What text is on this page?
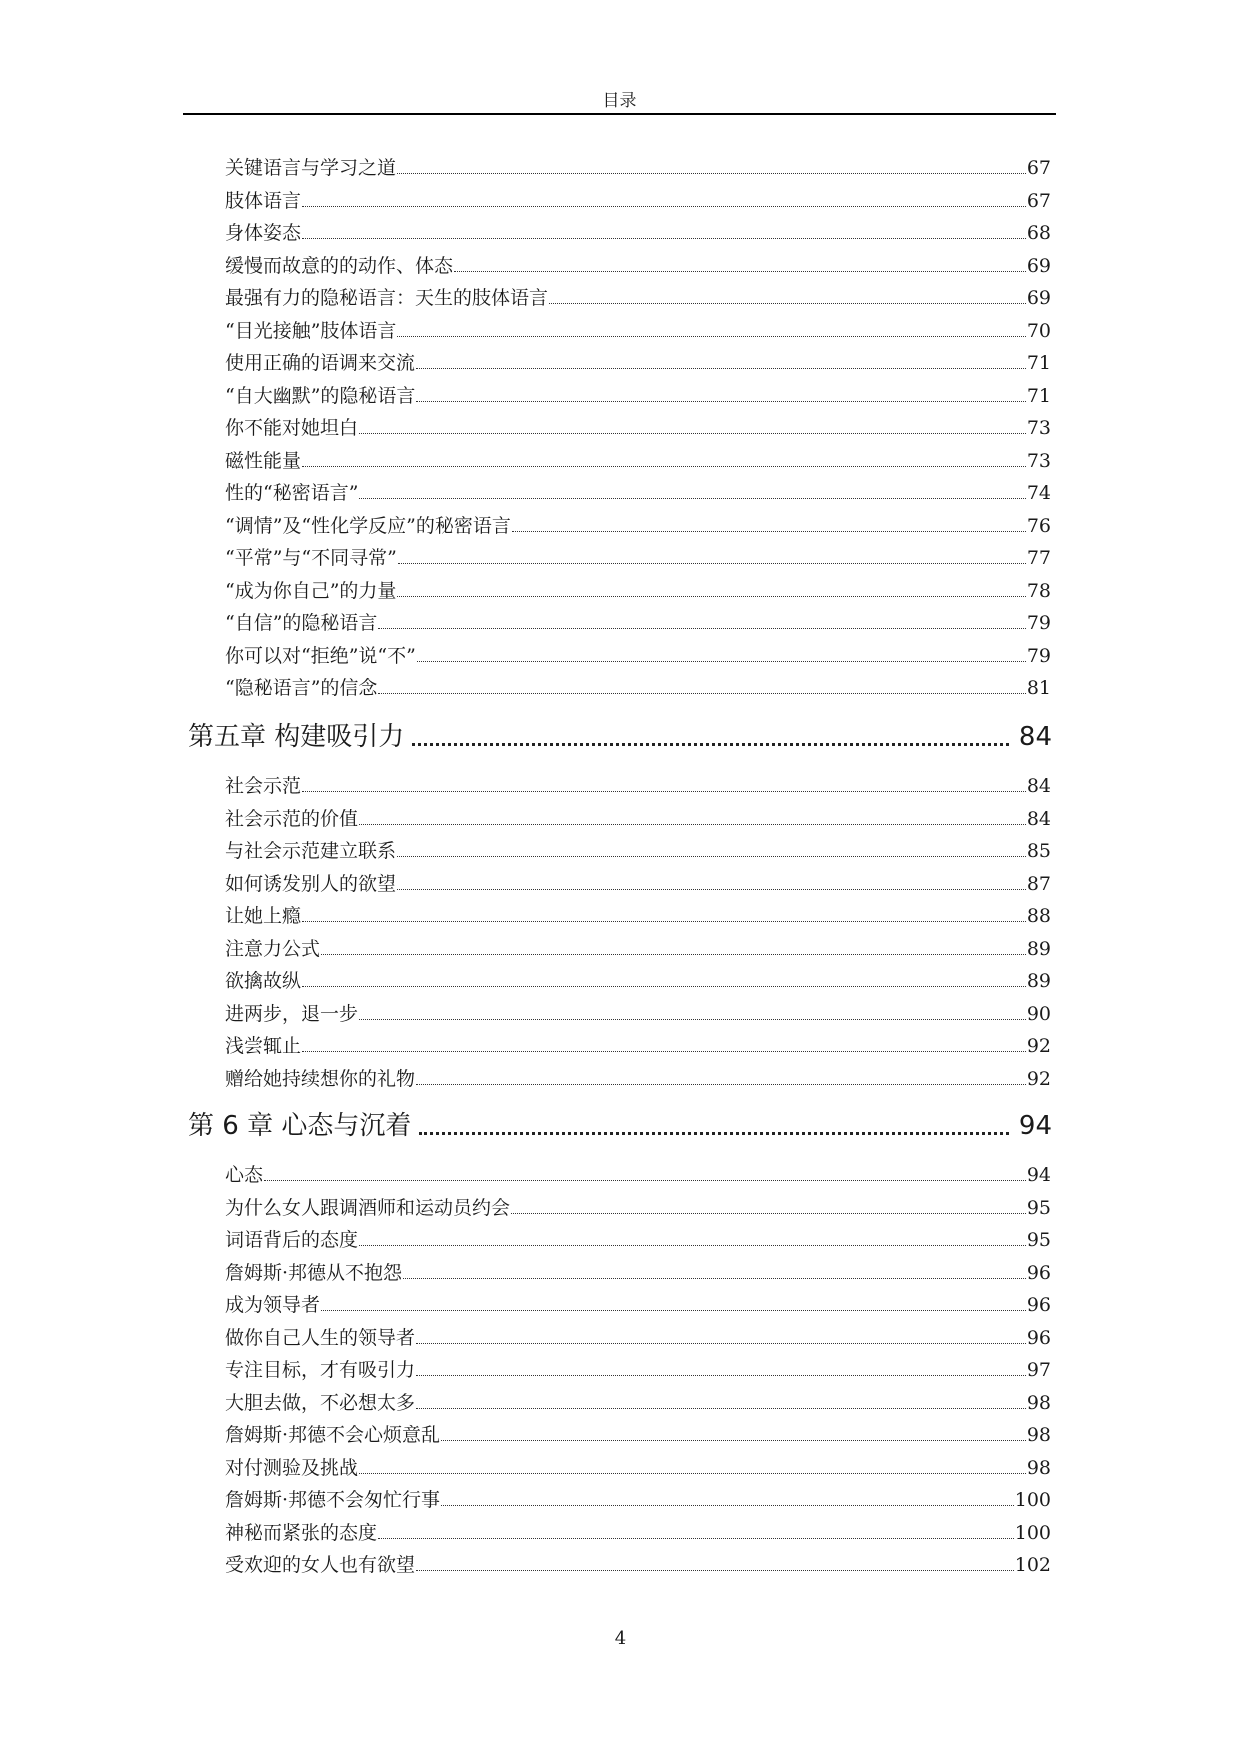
目录
关键语言与学习之道	67
肢体语言	67
身体姿态	68
缓慢而故意的的动作、体态	69
最强有力的隐秘语言：天生的肢体语言	69
“目光接触”肢体语言	70
使用正确的语调来交流	71
“自大幽默”的隐秘语言	71
你不能对她坦白	73
磁性能量	73
性的“秘密语言”	74
“调情”及“性化学反应”的秘密语言	76
“平常”与“不同寻常”	77
“成为你自己”的力量	78
“自信”的隐秘语言	79
你可以对“拒绝”说“不”	79
“隐秘语言”的信念	81
第五章 构建吸引力	84
社会示范	84
社会示范的价值	84
与社会示范建立联系	85
如何诱发别人的欲望	87
让她上瘾	88
注意力公式	89
欲擒故纵	89
进两步，退一步	90
浅尝辄止	92
赠给她持续想你的礼物	92
第 6 章 心态与沉着	94
心态	94
为什么女人跟调酒师和运动员约会	95
词语背后的态度	95
詹姆斯·邦德从不抱怨	96
成为领导者	96
做你自己人生的领导者	96
专注目标，才有吸引力	97
大胆去做，不必想太多	98
詹姆斯·邦德不会心烦意乱	98
对付测验及挑战	98
詹姆斯·邦德不会匆忙行事	100
神秘而紧张的态度	100
受欢迎的女人也有欲望	102
4
